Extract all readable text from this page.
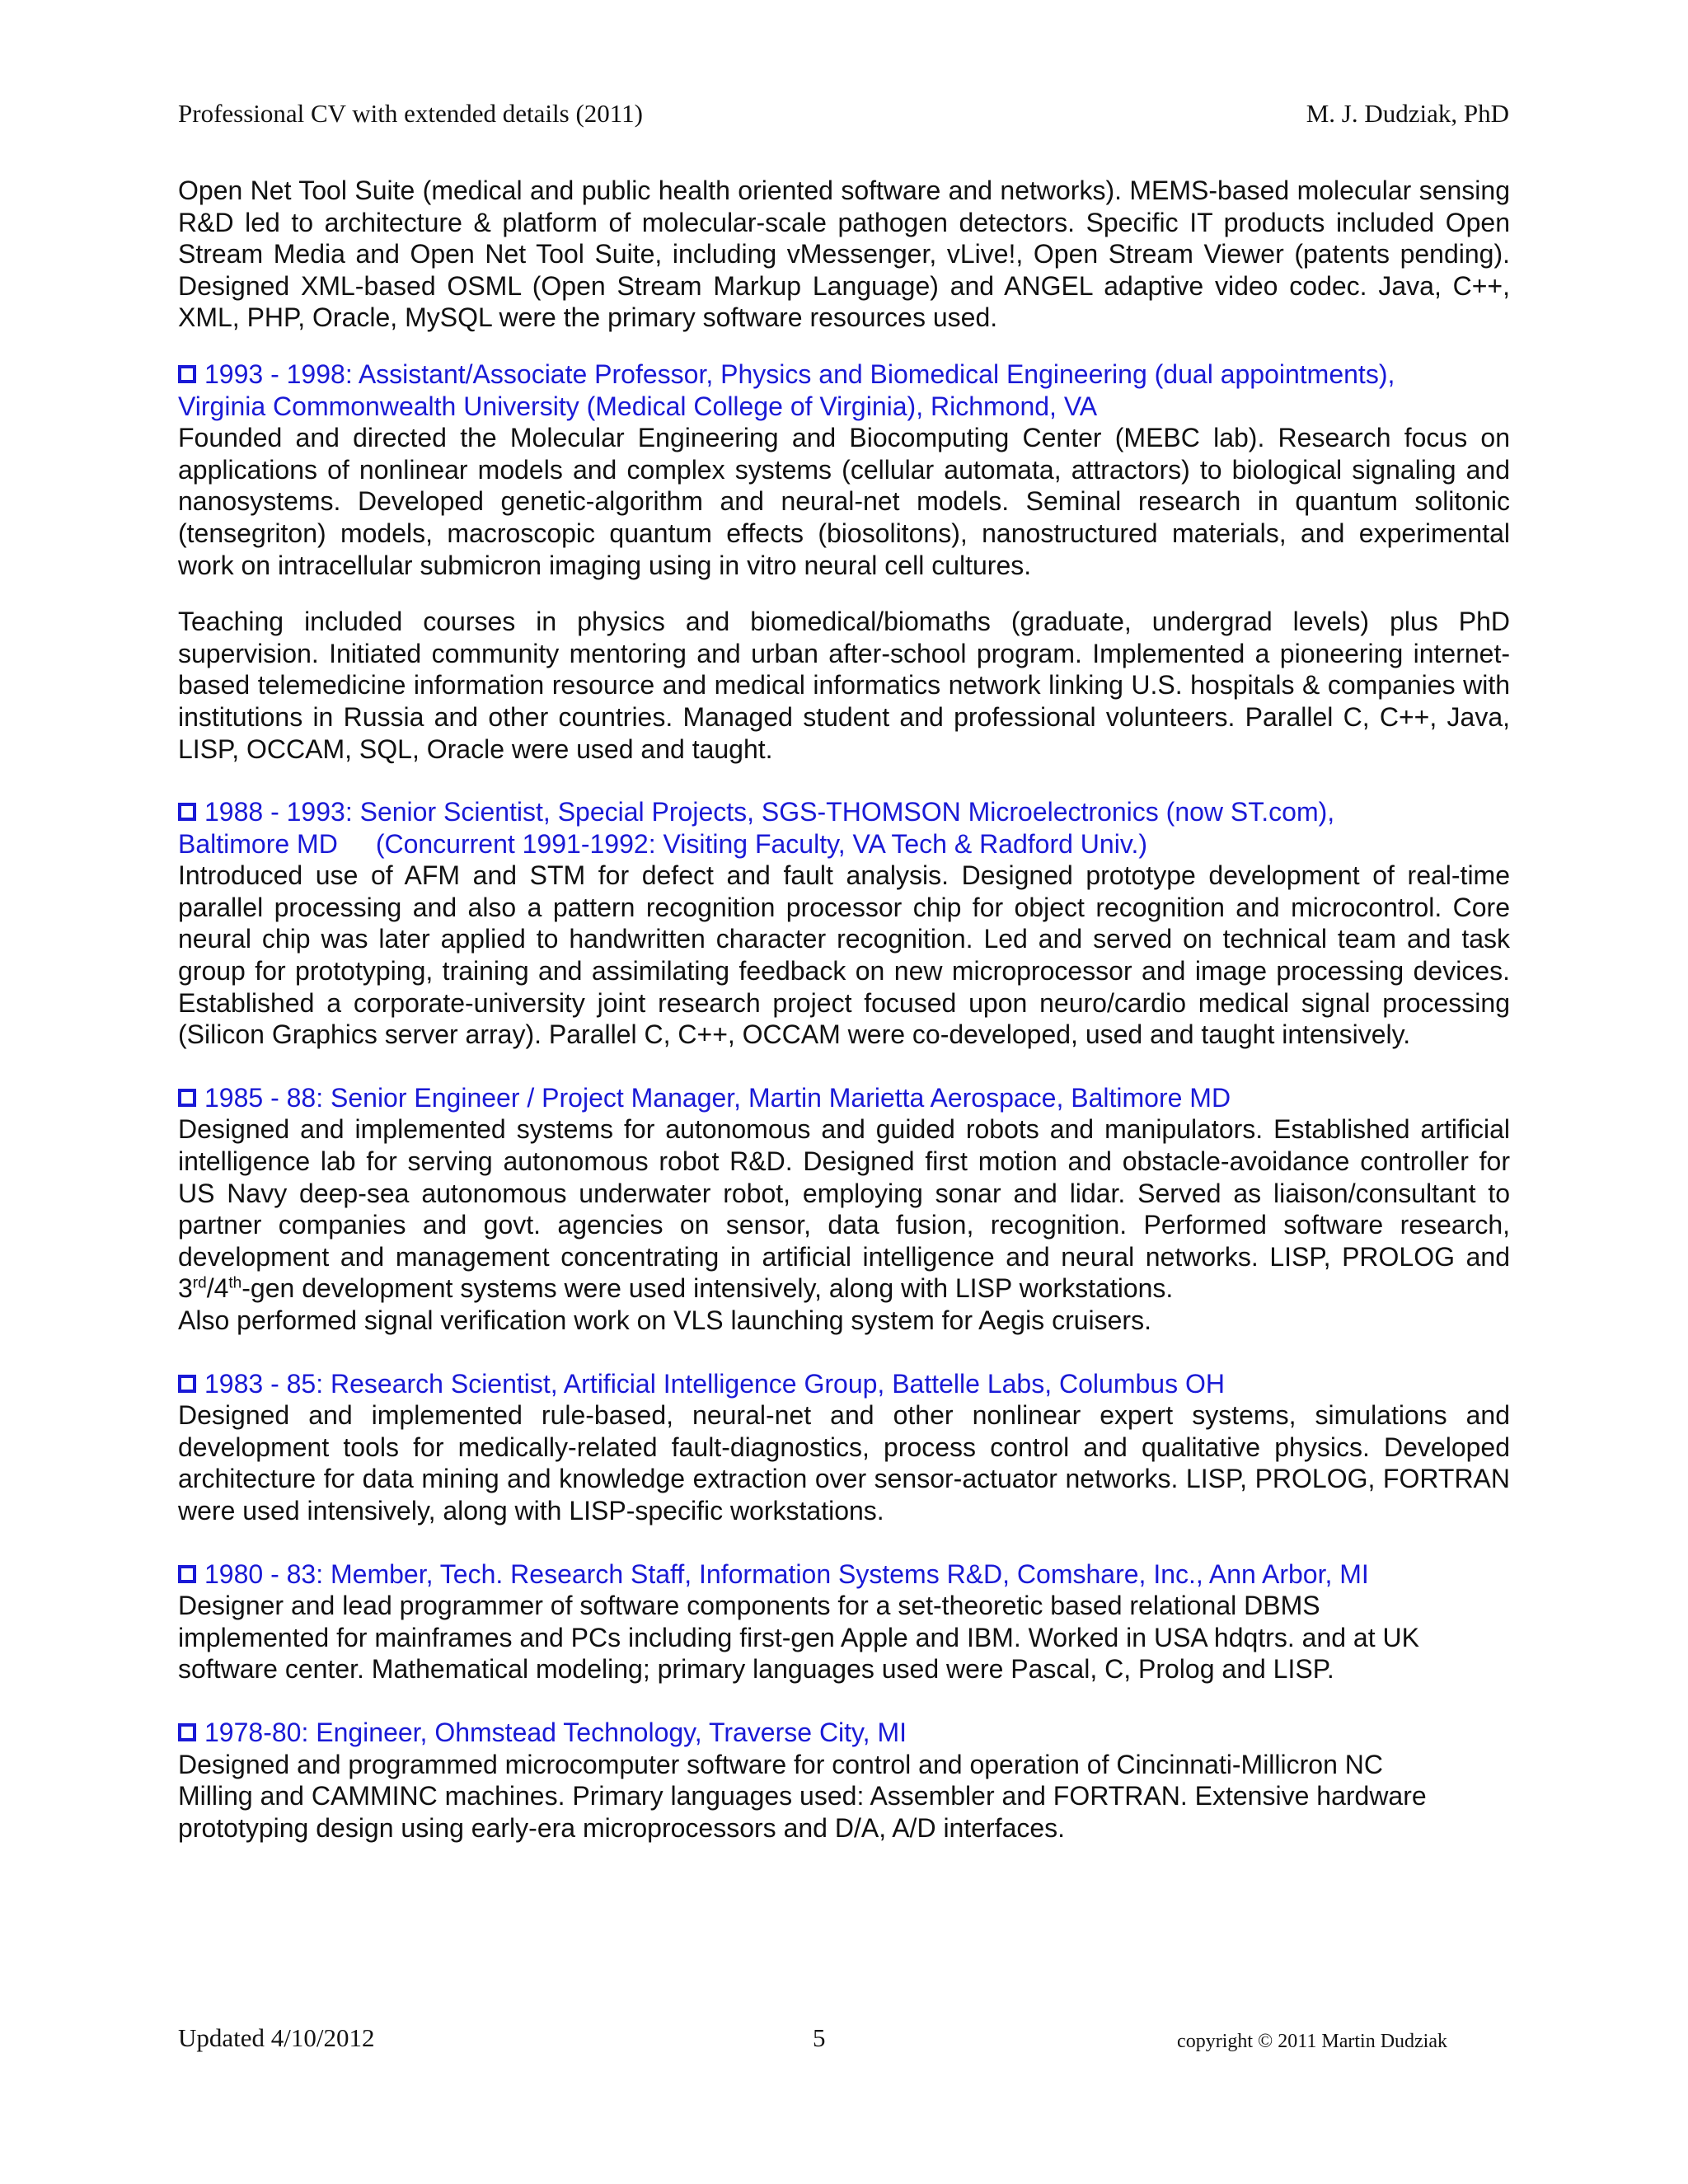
Professional CV with extended details (2011)	M. J. Dudziak, PhD

Open Net Tool Suite (medical and public health oriented software and networks). MEMS-based molecular sensing R&D led to architecture & platform of molecular-scale pathogen detectors. Specific IT products included Open Stream Media and Open Net Tool Suite, including vMessenger, vLive!, Open Stream Viewer (patents pending). Designed XML-based OSML (Open Stream Markup Language) and ANGEL adaptive video codec. Java, C++, XML, PHP, Oracle, MySQL were the primary software resources used.

1993 - 1998: Assistant/Associate Professor, Physics and Biomedical Engineering (dual appointments),
Virginia Commonwealth University (Medical College of Virginia), Richmond, VA

Founded and directed the Molecular Engineering and Biocomputing Center (MEBC lab). Research focus on applications of nonlinear models and complex systems (cellular automata, attractors) to biological signaling and nanosystems. Developed genetic-algorithm and neural-net models. Seminal research in quantum solitonic (tensegriton) models, macroscopic quantum effects (biosolitons), nanostructured materials, and experimental work on intracellular submicron imaging using in vitro neural cell cultures.

Teaching included courses in physics and biomedical/biomaths (graduate, undergrad levels) plus PhD supervision. Initiated community mentoring and urban after-school program. Implemented a pioneering internet-based telemedicine information resource and medical informatics network linking U.S. hospitals & companies with institutions in Russia and other countries. Managed student and professional volunteers. Parallel C, C++, Java, LISP, OCCAM, SQL, Oracle were used and taught.

1988 - 1993: Senior Scientist, Special Projects, SGS-THOMSON Microelectronics (now ST.com),
Baltimore MD (Concurrent 1991-1992: Visiting Faculty, VA Tech & Radford Univ.)

Introduced use of AFM and STM for defect and fault analysis. Designed prototype development of real-time parallel processing and also a pattern recognition processor chip for object recognition and microcontrol. Core neural chip was later applied to handwritten character recognition. Led and served on technical team and task group for prototyping, training and assimilating feedback on new microprocessor and image processing devices. Established a corporate-university joint research project focused upon neuro/cardio medical signal processing (Silicon Graphics server array). Parallel C, C++, OCCAM were co-developed, used and taught intensively.

1985 - 88: Senior Engineer / Project Manager, Martin Marietta Aerospace, Baltimore MD

Designed and implemented systems for autonomous and guided robots and manipulators. Established artificial intelligence lab for serving autonomous robot R&D. Designed first motion and obstacle-avoidance controller for US Navy deep-sea autonomous underwater robot, employing sonar and lidar. Served as liaison/consultant to partner companies and govt. agencies on sensor, data fusion, recognition. Performed software research, development and management concentrating in artificial intelligence and neural networks. LISP, PROLOG and 3rd/4th-gen development systems were used intensively, along with LISP workstations.
Also performed signal verification work on VLS launching system for Aegis cruisers.

1983 - 85: Research Scientist, Artificial Intelligence Group, Battelle Labs, Columbus OH

Designed and implemented rule-based, neural-net and other nonlinear expert systems, simulations and development tools for medically-related fault-diagnostics, process control and qualitative physics. Developed architecture for data mining and knowledge extraction over sensor-actuator networks. LISP, PROLOG, FORTRAN were used intensively, along with LISP-specific workstations.

1980 - 83: Member, Tech. Research Staff, Information Systems R&D, Comshare, Inc., Ann Arbor, MI
Designer and lead programmer of software components for a set-theoretic based relational DBMS
implemented for mainframes and PCs including first-gen Apple and IBM. Worked in USA hdqtrs. and at UK
software center. Mathematical modeling; primary languages used were Pascal, C, Prolog and LISP.
1978-80: Engineer, Ohmstead Technology, Traverse City, MI
Designed and programmed microcomputer software for control and operation of Cincinnati-Millicron NC
Milling and CAMMINC machines. Primary languages used: Assembler and FORTRAN. Extensive hardware
prototyping design using early-era microprocessors and D/A, A/D interfaces.
Updated 4/10/2012	5	copyright © 2011 Martin Dudziak
